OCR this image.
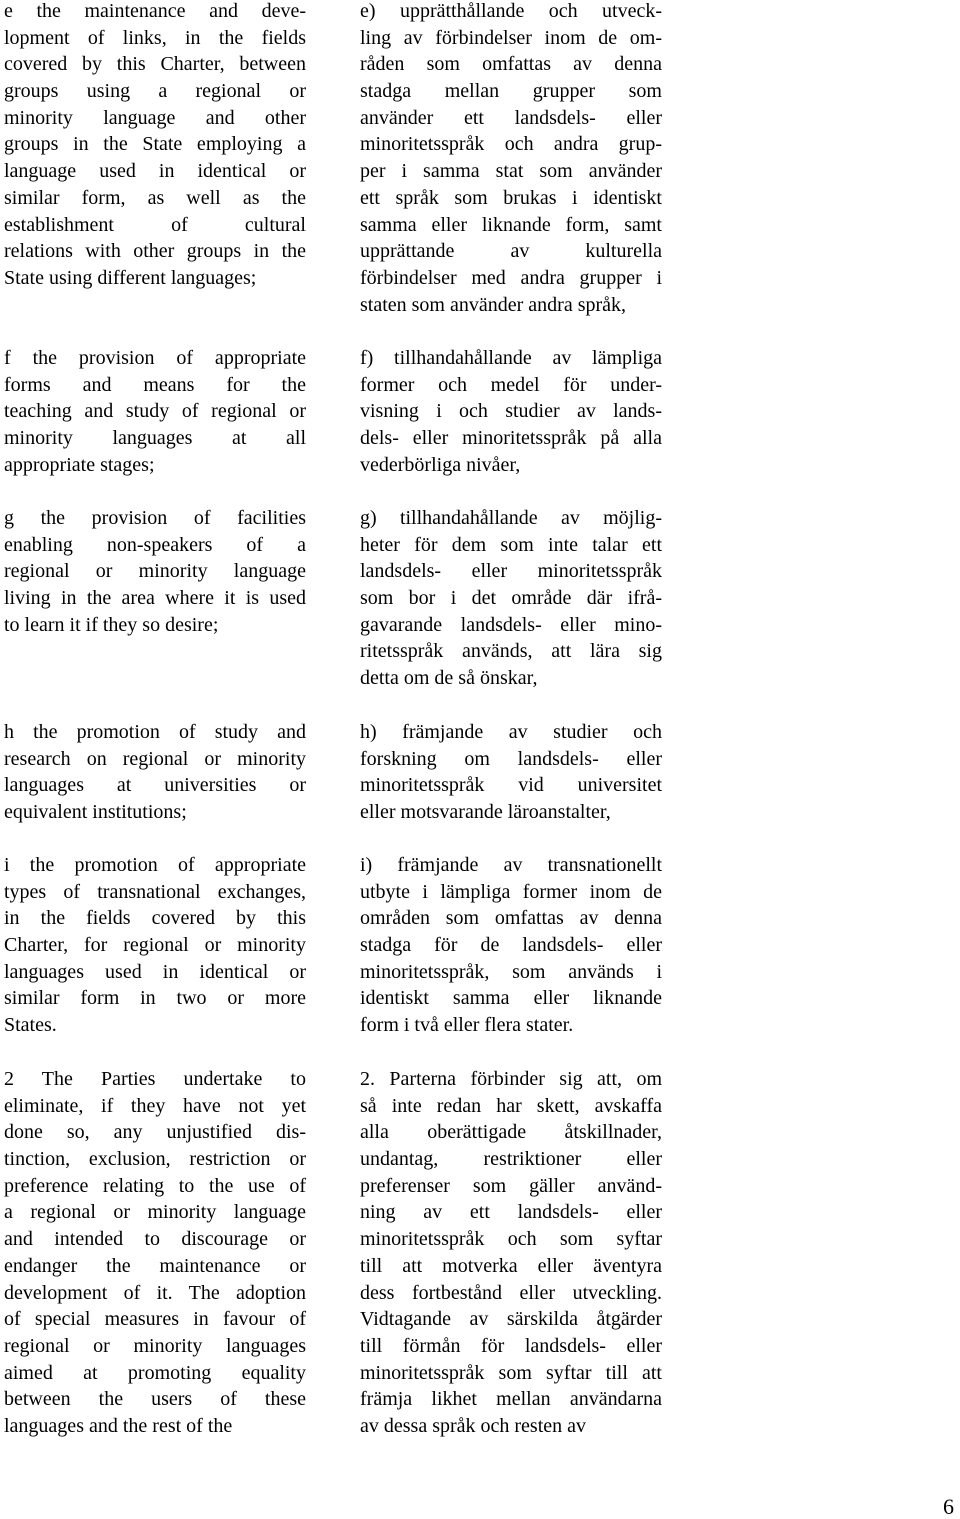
e the maintenance and deve-
lopment of links, in the fields
covered by this Charter, between
groups using a regional or
minority language and other
groups in the State employing a
language used in identical or
similar form, as well as the
establishment of cultural
relations with other groups in the
State using different languages;
f the provision of appropriate
forms and means for the
teaching and study of regional or
minority languages at all
appropriate stages;
g the provision of facilities
enabling non-speakers of a
regional or minority language
living in the area where it is used
to learn it if they so desire;
h the promotion of study and
research on regional or minority
languages at universities or
equivalent institutions;
i the promotion of appropriate
types of transnational exchanges,
in the fields covered by this
Charter, for regional or minority
languages used in identical or
similar form in two or more
States.
2 The Parties undertake to
eliminate, if they have not yet
done so, any unjustified dis-
tinction, exclusion, restriction or
preference relating to the use of
a regional or minority language
and intended to discourage or
endanger the maintenance or
development of it. The adoption
of special measures in favour of
regional or minority languages
aimed at promoting equality
between the users of these
languages and the rest of the
e) upprätthållande och utveck-
ling av förbindelser inom de om-
råden som omfattas av denna
stadga mellan grupper som
använder ett landsdels- eller
minoritetsspråk och andra grup-
per i samma stat som använder
ett språk som brukas i identiskt
samma eller liknande form, samt
upprättande av kulturella
förbindelser med andra grupper i
staten som använder andra språk,
f) tillhandahållande av lämpliga
former och medel för under-
visning i och studier av lands-
dels- eller minoritetsspråk på alla
vederbörliga nivåer,
g) tillhandahållande av möjlig-
heter för dem som inte talar ett
landsdels- eller minoritetsspråk
som bor i det område där ifrå-
gavarande landsdels- eller mino-
ritetsspråk används, att lära sig
detta om de så önskar,
h) främjande av studier och
forskning om landsdels- eller
minoritetsspråk vid universitet
eller motsvarande läroanstalter,
i) främjande av transnationellt
utbyte i lämpliga former inom de
områden som omfattas av denna
stadga för de landsdels- eller
minoritetsspråk, som används i
identiskt samma eller liknande
form i två eller flera stater.
2. Parterna förbinder sig att, om
så inte redan har skett, avskaffa
alla oberättigade åtskillnader,
undantag, restriktioner eller
preferenser som gäller använd-
ning av ett landsdels- eller
minoritetsspråk och som syftar
till att motverka eller äventyra
dess fortbestånd eller utveckling.
Vidtagande av särskilda åtgärder
till förmån för landsdels- eller
minoritetsspråk som syftar till att
främja likhet mellan användarna
av dessa språk och resten av
6
